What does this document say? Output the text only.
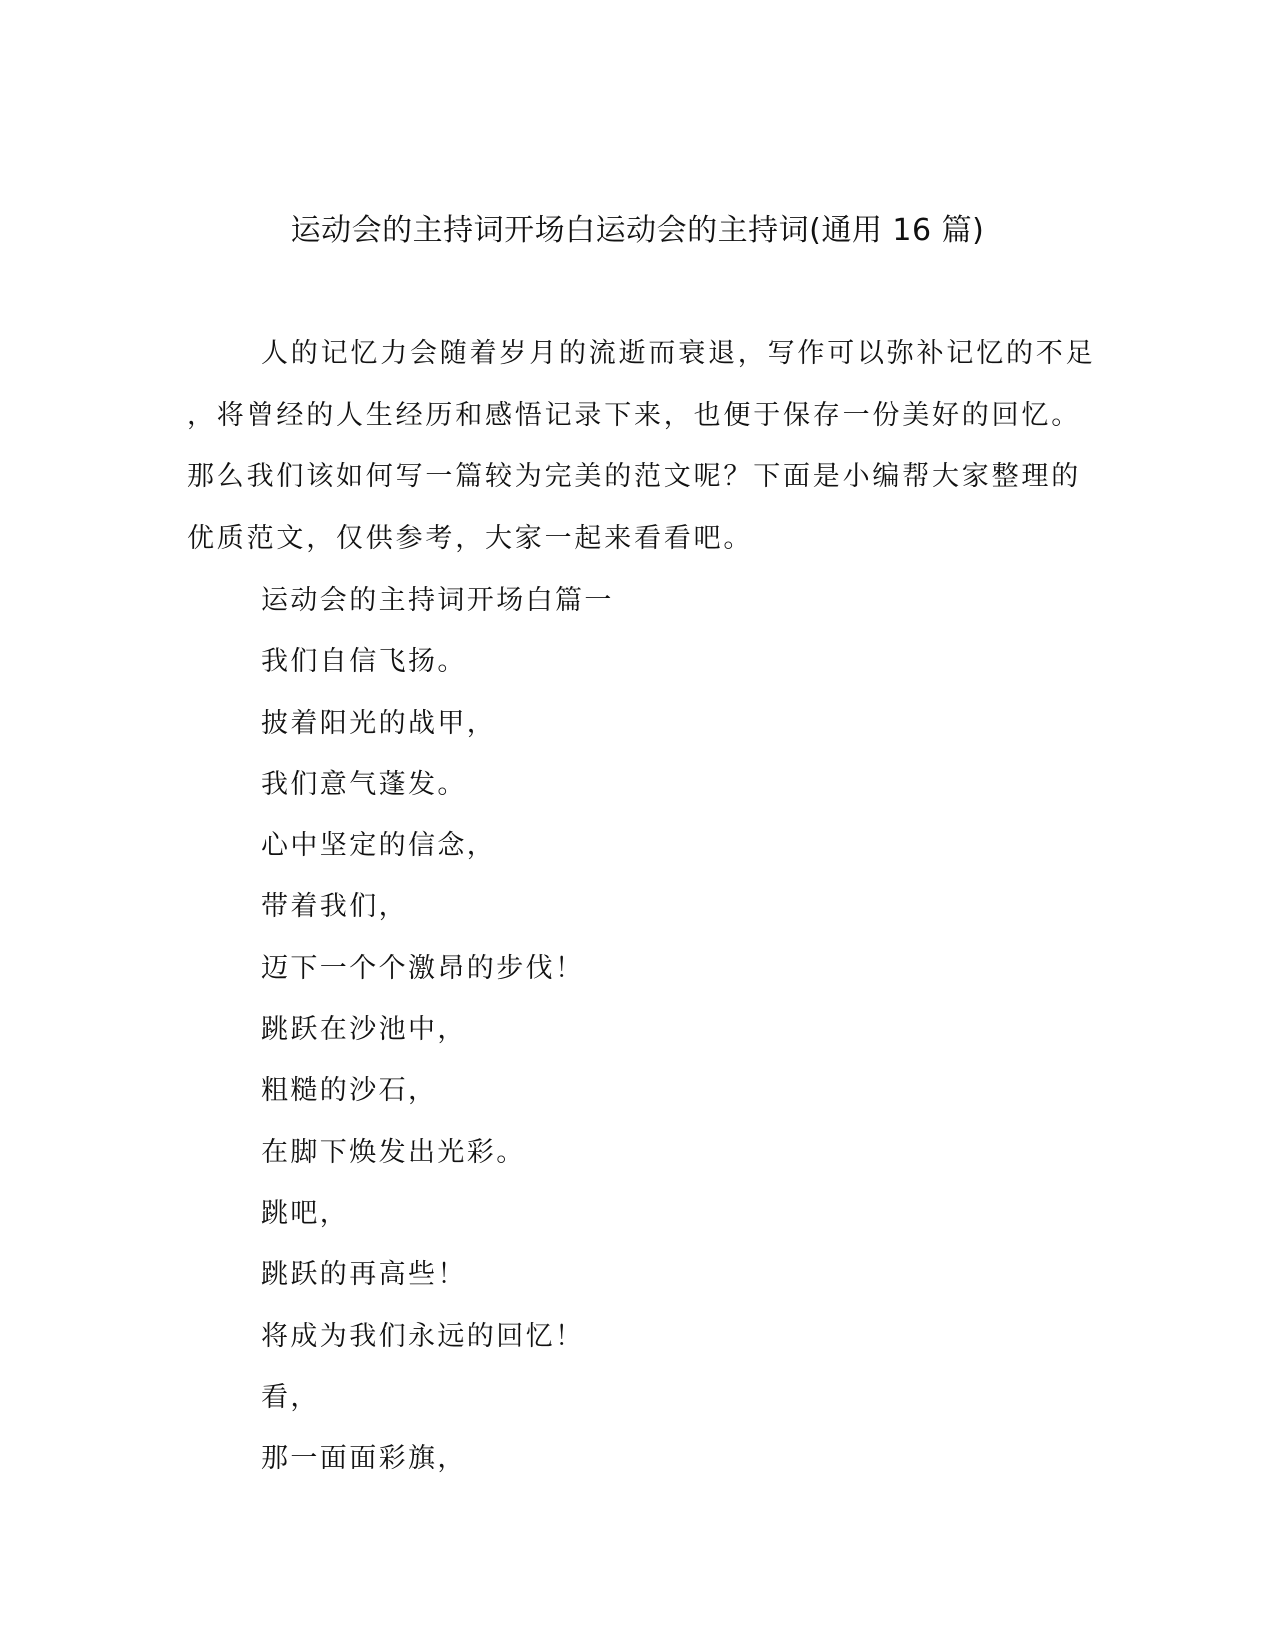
运动会的主持词开场白运动会的主持词(通用 16 篇)

人的记忆力会随着岁月的流逝而衰退，写作可以弥补记忆的不足
，将曾经的人生经历和感悟记录下来，也便于保存一份美好的回忆。
那么我们该如何写一篇较为完美的范文呢？下面是小编帮大家整理的
优质范文，仅供参考，大家一起来看看吧。

运动会的主持词开场白篇一
我们自信飞扬。
披着阳光的战甲，
我们意气蓬发。
心中坚定的信念，
带着我们，
迈下一个个激昂的步伐！
跳跃在沙池中，
粗糙的沙石，
在脚下焕发出光彩。
跳吧，
跳跃的再高些！
将成为我们永远的回忆！
看，
那一面面彩旗，
